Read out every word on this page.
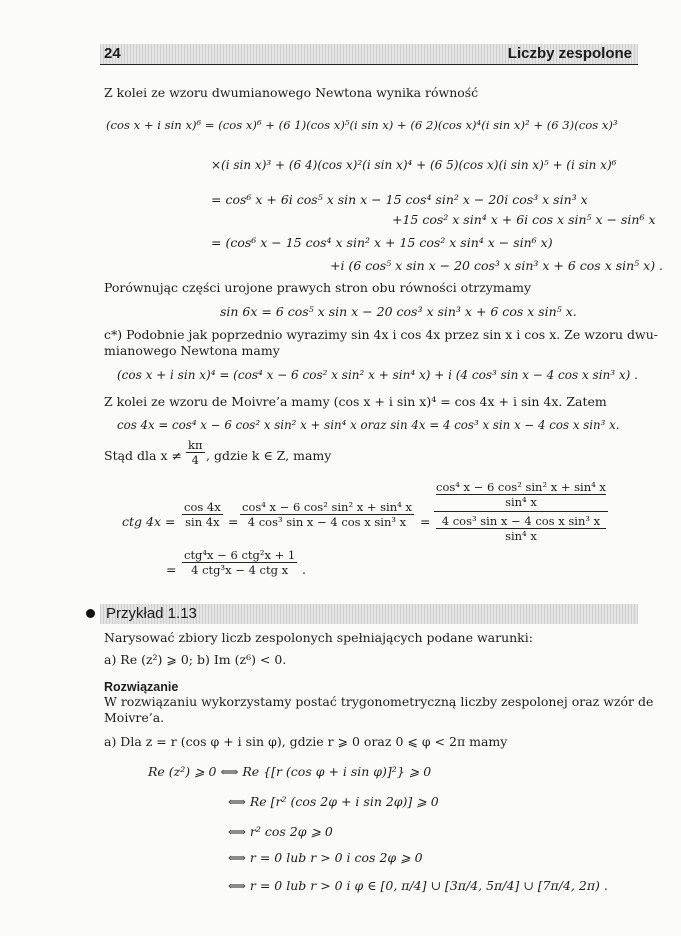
24	Liczby zespolone
Z kolei ze wzoru dwumianowego Newtona wynika równość
(cos x + i sin x)⁶ = (cos x)⁶ + (6 1)(cos x)⁵(i sin x) + (6 2)(cos x)⁴(i sin x)² + (6 3)(cos x)³
×(i sin x)³ + (6 4)(cos x)²(i sin x)⁴ + (6 5)(cos x)(i sin x)⁵ + (i sin x)⁶
= cos⁶ x + 6i cos⁵ x sin x − 15 cos⁴ sin² x − 20i cos³ x sin³ x
+15 cos² x sin⁴ x + 6i cos x sin⁵ x − sin⁶ x
= (cos⁶ x − 15 cos⁴ x sin² x + 15 cos² x sin⁴ x − sin⁶ x)
+i (6 cos⁵ x sin x − 20 cos³ x sin³ x + 6 cos x sin⁵ x) .
Porównując części urojone prawych stron obu równości otrzymamy
sin 6x = 6 cos⁵ x sin x − 20 cos³ x sin³ x + 6 cos x sin⁵ x.
c*) Podobnie jak poprzednio wyrazimy sin 4x i cos 4x przez sin x i cos x. Ze wzoru dwu-
mianowego Newtona mamy
(cos x + i sin x)⁴ = (cos⁴ x − 6 cos² x sin² x + sin⁴ x) + i (4 cos³ sin x − 4 cos x sin³ x) .
Z kolei ze wzoru de Moivre’a mamy (cos x + i sin x)⁴ = cos 4x + i sin 4x. Zatem
cos 4x = cos⁴ x − 6 cos² x sin² x + sin⁴ x oraz sin 4x = 4 cos³ x sin x − 4 cos x sin³ x.
Stąd dla $x \ne \frac{k\pi}{4}$ , gdzie k ∈ Z, mamy
ctg $4x = \frac{\cos 4x}{\sin 4x} = \frac{\text{cos⁴ x − 6 cos² sin² x + sin⁴ x}}{\text{4 cos³ sin x − 4 cos x sin³ x}} = \cos^4$ x − 6 cos² sin² x + sin⁴ x
sin⁴ x
4 cos³ sin x − 4 cos x sin³ x
sin⁴ x
=
ctg⁴x − 6 ctg²x + 1
4 ctg³x − 4 ctg x	.
Przykład 1.13
Narysować zbiory liczb zespolonych spełniających podane warunki:
a) Re (z²) ⩾ 0; b) Im (z⁶) < 0.
Rozwiązanie
W rozwiązaniu wykorzystamy postać trygonometryczną liczby zespolonej oraz wzór de
Moivre’a.
a) Dla z = r (cos φ + i sin φ), gdzie r ⩾ 0 oraz 0 ⩽ φ < 2π mamy
Re (z²) ⩾ 0 ⟺ Re {[r (cos φ + i sin φ)]²} ⩾ 0
⟺ Re [r² (cos 2φ + i sin 2φ)] ⩾ 0
⟺ r² cos 2φ ⩾ 0
⟺ r = 0 lub r > 0 i cos 2φ ⩾ 0
⟺ r = 0 lub r > 0 i φ ∈ [0, π/4] ∪ [3π/4, 5π/4] ∪ [7π/4, 2π) .
